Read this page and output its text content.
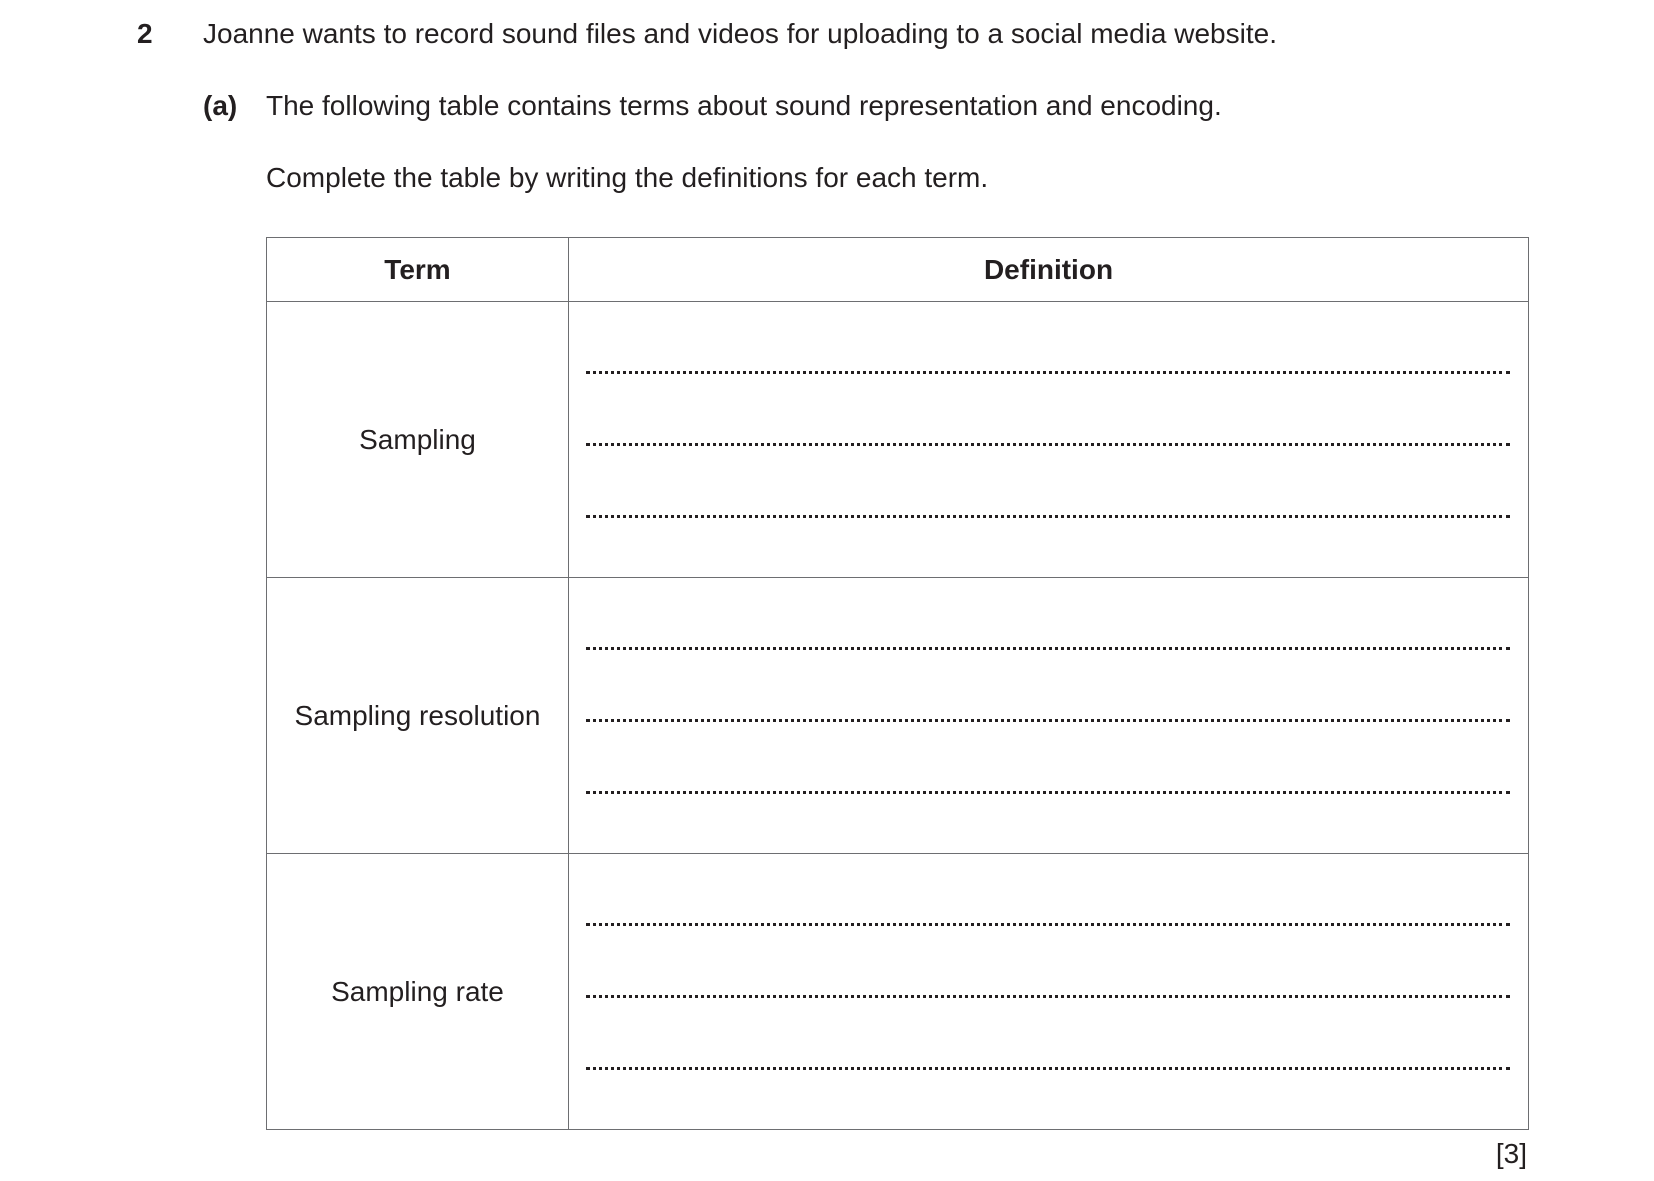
2 Joanne wants to record sound files and videos for uploading to a social media website.
(a) The following table contains terms about sound representation and encoding.
Complete the table by writing the definitions for each term.
Term	Definition
Sampling	

Sampling resolution	

Sampling rate	
[3]
